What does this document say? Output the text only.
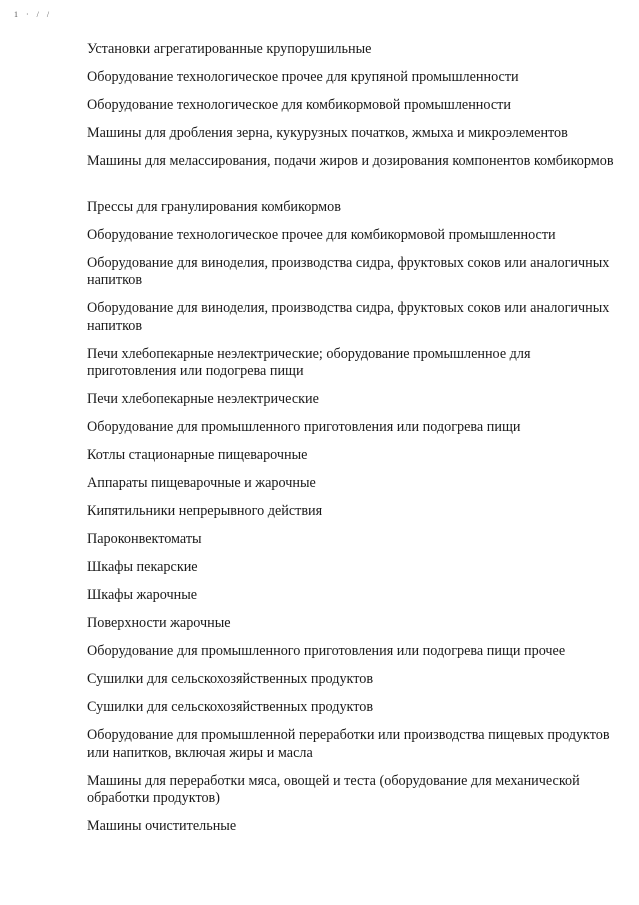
1 · / /
Установки агрегатированные крупорушильные
Оборудование технологическое прочее для крупяной промышленности
Оборудование технологическое для комбикормовой промышленности
Машины для дробления зерна, кукурузных початков, жмыха и микроэлементов
Машины для мелассирования, подачи жиров и дозирования компонентов комбикормов
Прессы для гранулирования комбикормов
Оборудование технологическое прочее для комбикормовой промышленности
Оборудование для виноделия, производства сидра, фруктовых соков или аналогичных напитков
Оборудование для виноделия, производства сидра, фруктовых соков или аналогичных напитков
Печи хлебопекарные неэлектрические; оборудование промышленное для приготовления или подогрева пищи
Печи хлебопекарные неэлектрические
Оборудование для промышленного приготовления или подогрева пищи
Котлы стационарные пищеварочные
Аппараты пищеварочные и жарочные
Кипятильники непрерывного действия
Пароконвектоматы
Шкафы пекарские
Шкафы жарочные
Поверхности жарочные
Оборудование для промышленного приготовления или подогрева пищи прочее
Сушилки для сельскохозяйственных продуктов
Сушилки для сельскохозяйственных продуктов
Оборудование для промышленной переработки или производства пищевых продуктов или напитков, включая жиры и масла
Машины для переработки мяса, овощей и теста (оборудование для механической обработки продуктов)
Машины очистительные
